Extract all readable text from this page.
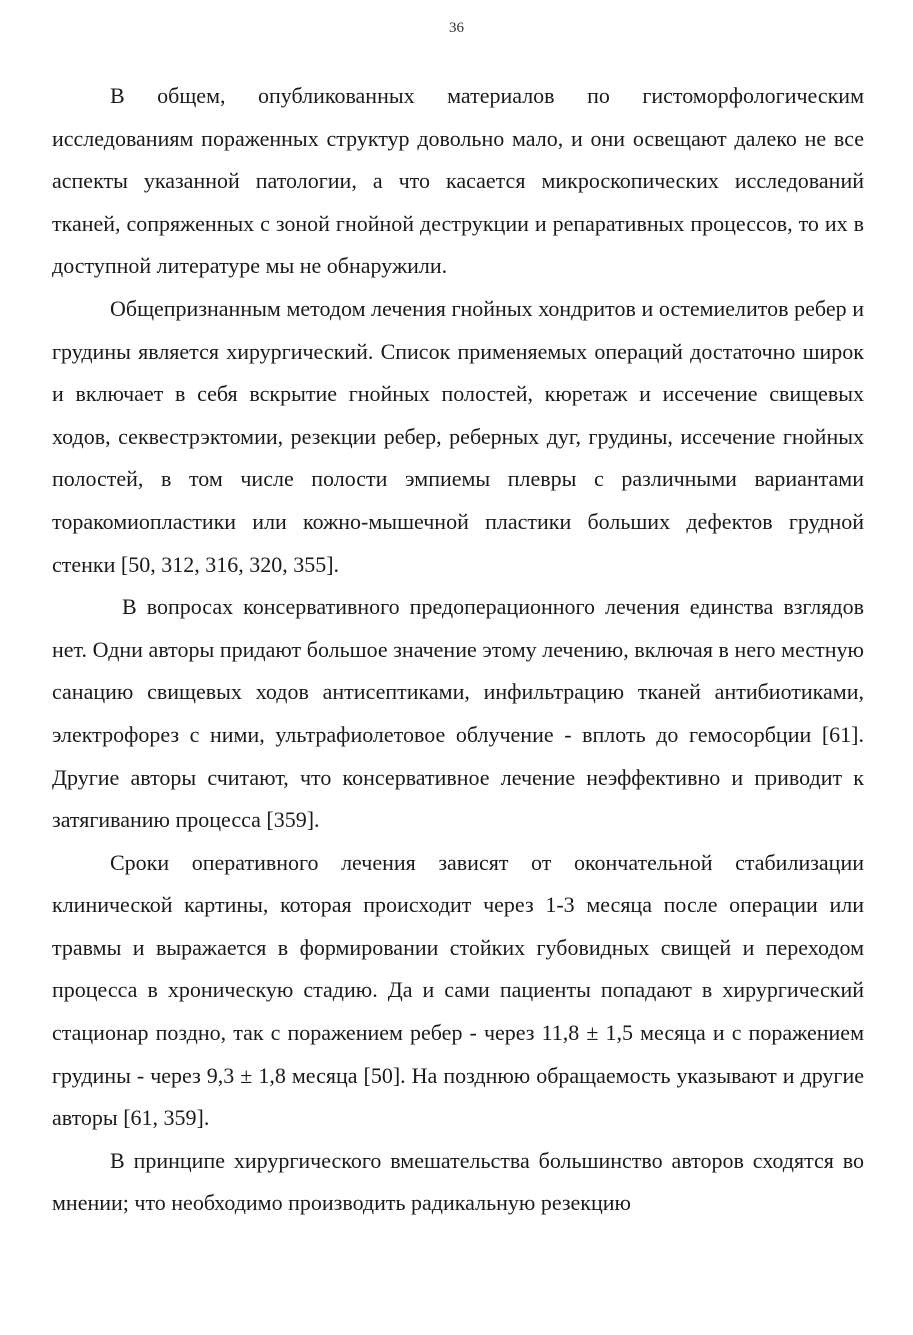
36

В общем, опубликованных материалов по гистоморфологическим исследованиям пораженных структур довольно мало, и они освещают далеко не все аспекты указанной патологии, а что касается микроскопических исследований тканей, сопряженных с зоной гнойной деструкции и репаративных процессов, то их в доступной литературе мы не обнаружили.

Общепризнанным методом лечения гнойных хондритов и остемиелитов ребер и грудины является хирургический. Список применяемых операций достаточно широк и включает в себя вскрытие гнойных полостей, кюретаж и иссечение свищевых ходов, секвестрэктомии, резекции ребер, реберных дуг, грудины, иссечение гнойных полостей, в том числе полости эмпиемы плевры с различными вариантами торакомиопластики или кожно-мышечной пластики больших дефектов грудной стенки [50, 312, 316, 320, 355].

В вопросах консервативного предоперационного лечения единства взглядов нет. Одни авторы придают большое значение этому лечению, включая в него местную санацию свищевых ходов антисептиками, инфильтрацию тканей антибиотиками, электрофорез с ними, ультрафиолетовое облучение - вплоть до гемосорбции [61]. Другие авторы считают, что консервативное лечение неэффективно и приводит к затягиванию процесса [359].

Сроки оперативного лечения зависят от окончательной стабилизации клинической картины, которая происходит через 1-3 месяца после операции или травмы и выражается в формировании стойких губовидных свищей и переходом процесса в хроническую стадию. Да и сами пациенты попадают в хирургический стационар поздно, так с поражением ребер - через 11,8 ± 1,5 месяца и с поражением грудины - через 9,3 ± 1,8 месяца [50]. На позднюю обращаемость указывают и другие авторы [61, 359].

В принципе хирургического вмешательства большинство авторов сходятся во мнении; что необходимо производить радикальную резекцию
